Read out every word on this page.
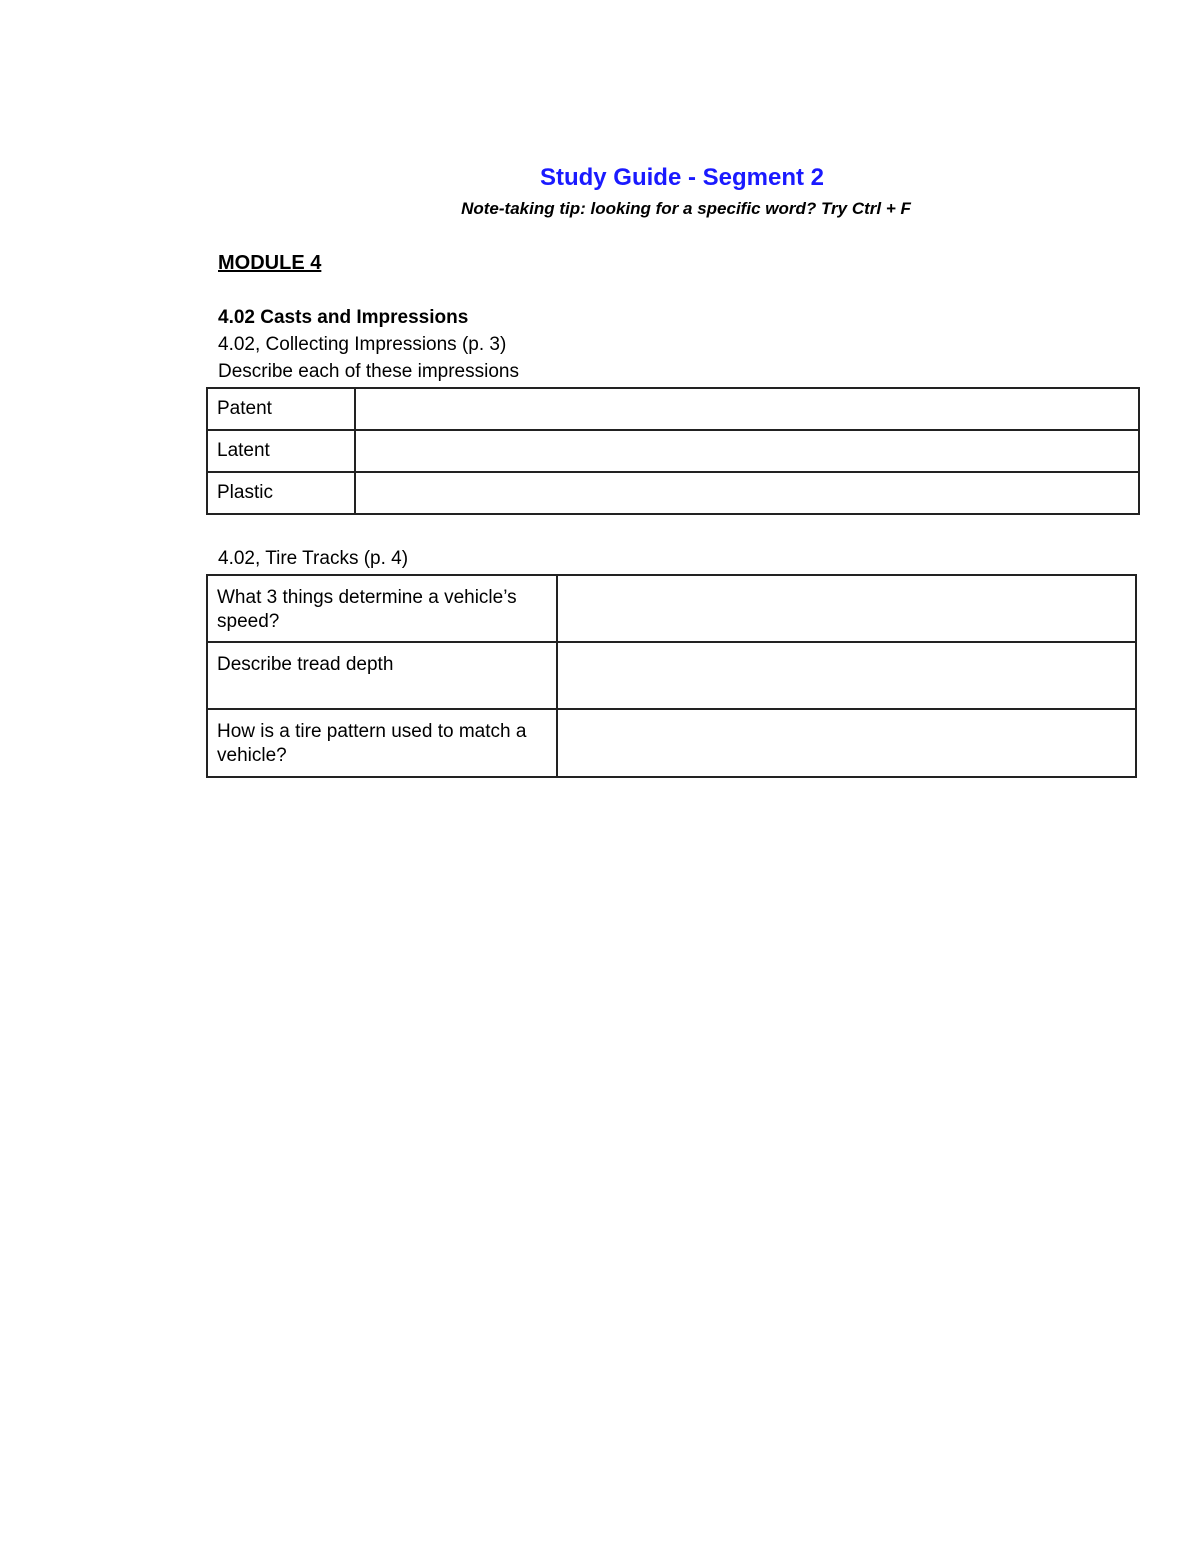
Study Guide - Segment 2
Note-taking tip: looking for a specific word? Try Ctrl + F
MODULE 4
4.02 Casts and Impressions
4.02, Collecting Impressions (p. 3)
Describe each of these impressions
Patent	
Latent	
Plastic	
4.02, Tire Tracks (p. 4)
What 3 things determine a vehicle’s speed?	
Describe tread depth	
How is a tire pattern used to match a vehicle?	
